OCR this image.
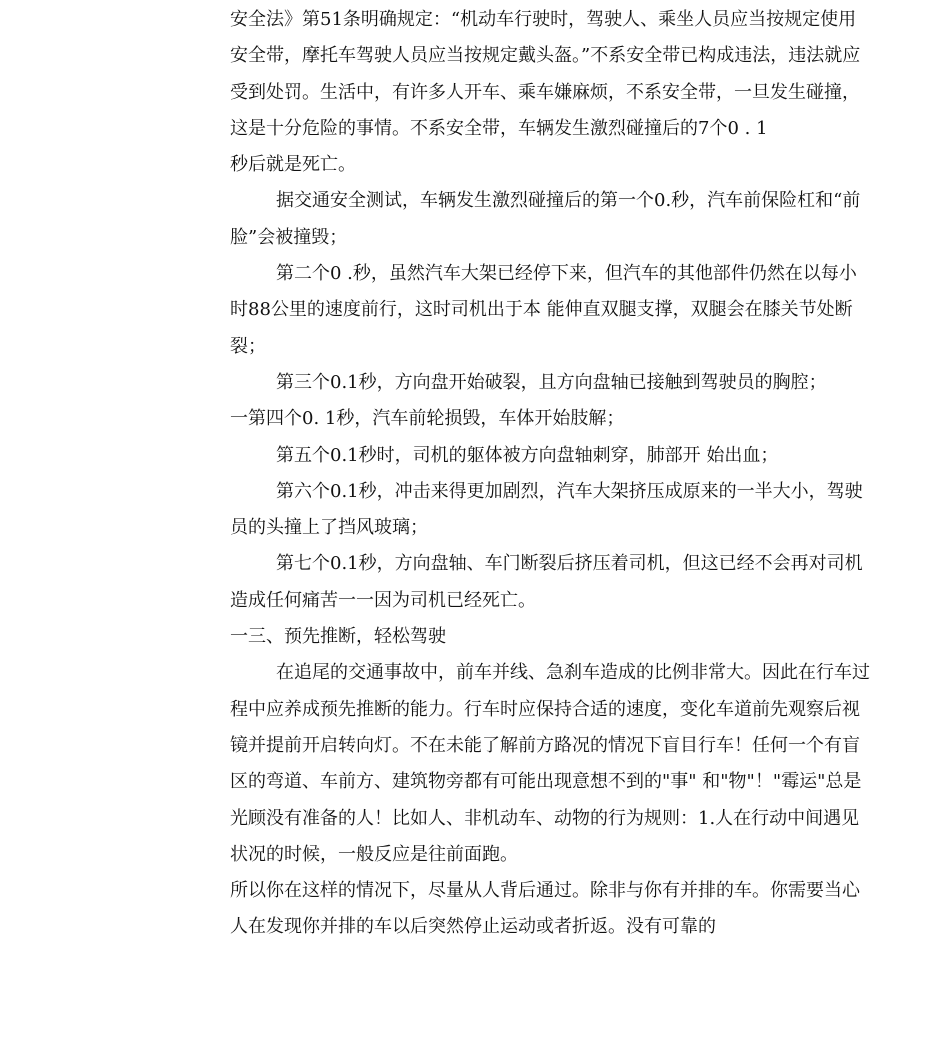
安全法》第51条明确规定：“机动车行驶时，驾驶人、乘坐人员应当按规定使用安全带，摩托车驾驶人员应当按规定戴头盔。”不系安全带已构成违法，违法就应受到处罚。生活中，有许多人开车、乘车嫌麻烦，不系安全带，一旦发生碰撞，这是十分危险的事情。不系安全带，车辆发生激烈碰撞后的7个0 . 1

秒后就是死亡。

据交通安全测试，车辆发生激烈碰撞后的第一个0.秒，汽车前保险杠和“前脸”会被撞毁；

第二个0 .秒，虽然汽车大架已经停下来，但汽车的其他部件仍然在以每小时88公里的速度前行，这时司机出于本 能伸直双腿支撑，双腿会在膝关节处断裂；

第三个0.1秒，方向盘开始破裂，且方向盘轴已接触到驾驶员的胸腔；

一第四个0. 1秒，汽车前轮损毁，车体开始肢解；

第五个0.1秒时，司机的躯体被方向盘轴刺穿，肺部开 始出血；

第六个0.1秒，冲击来得更加剧烈，汽车大架挤压成原来的一半大小，驾驶员的头撞上了挡风玻璃；

第七个0.1秒，方向盘轴、车门断裂后挤压着司机，但这已经不会再对司机造成任何痛苦一一因为司机已经死亡。

一三、预先推断，轻松驾驶

在追尾的交通事故中，前车并线、急刹车造成的比例非常大。因此在行车过程中应养成预先推断的能力。行车时应保持合适的速度，变化车道前先观察后视镜并提前开启转向灯。不在未能了解前方路况的情况下盲目行车！任何一个有盲区的弯道、车前方、建筑物旁都有可能出现意想不到的"事" 和"物"！"霉运"总是光顾没有准备的人！比如人、非机动车、动物的行为规则：1.人在行动中间遇见状况的时候，一般反应是往前面跑。

所以你在这样的情况下，尽量从人背后通过。除非与你有并排的车。你需要当心人在发现你并排的车以后突然停止运动或者折返。没有可靠的
